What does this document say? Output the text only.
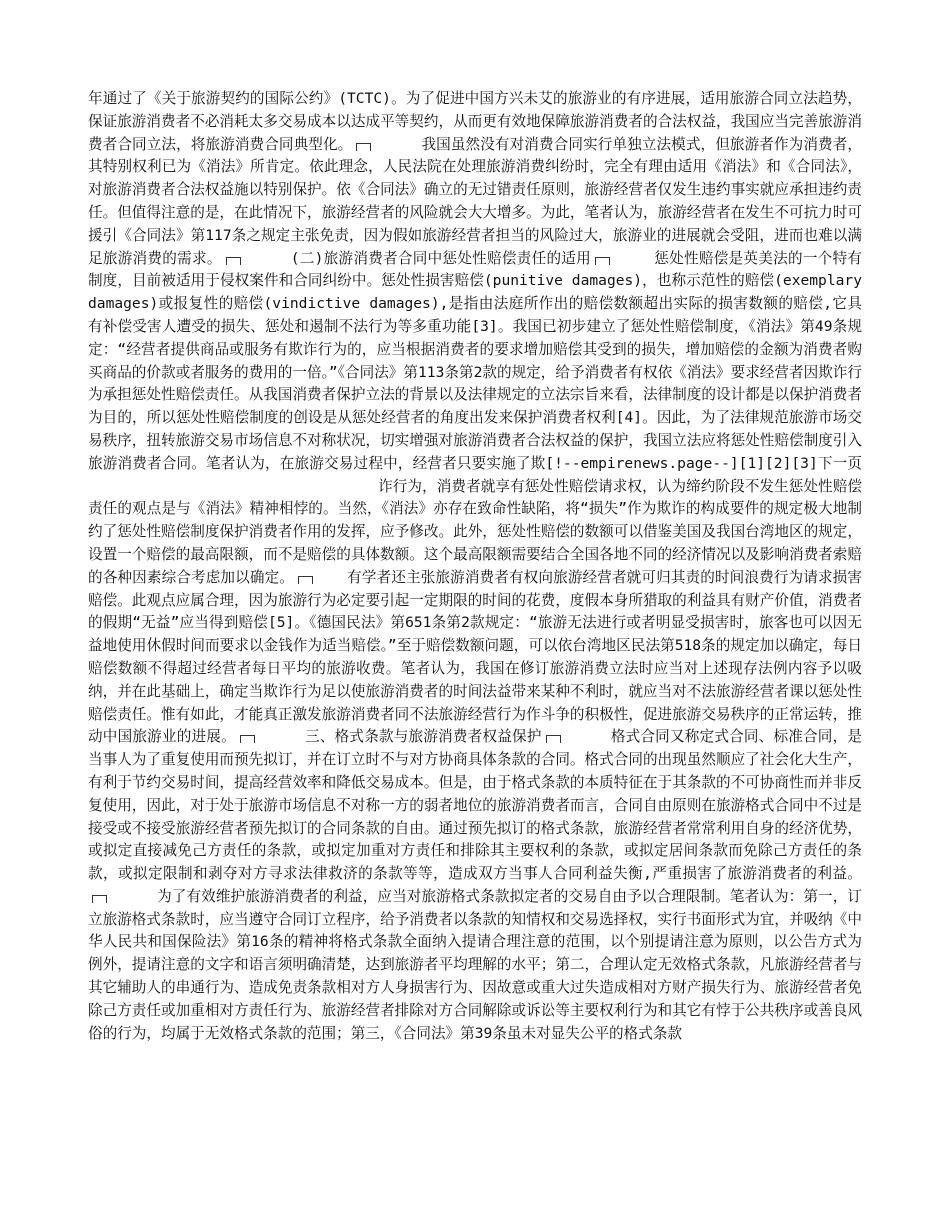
年通过了《关于旅游契约的国际公约》(TCTC)。为了促进中国方兴未艾的旅游业的有序进展，适用旅游合同立法趋势，保证旅游消费者不必消耗太多交易成本以达成平等契约，从而更有效地保障旅游消费者的合法权益，我国应当完善旅游消费者合同立法，将旅游消费合同典型化。	我国虽然没有对消费合同实行单独立法模式，但旅游者作为消费者，其特别权利已为《消法》所肯定。依此理念，人民法院在处理旅游消费纠纷时，完全有理由适用《消法》和《合同法》，对旅游消费者合法权益施以特别保护。依《合同法》确立的无过错责任原则，旅游经营者仅发生违约事实就应承担违约责任。但值得注意的是，在此情况下，旅游经营者的风险就会大大增多。为此，笔者认为，旅游经营者在发生不可抗力时可援引《合同法》第117条之规定主张免责，因为假如旅游经营者担当的风险过大，旅游业的进展就会受阻，进而也难以满足旅游消费的需求。	(二)旅游消费者合同中惩处性赔偿责任的适用	惩处性赔偿是英美法的一个特有制度，目前被适用于侵权案件和合同纠纷中。惩处性损害赔偿(punitive damages)，也称示范性的赔偿(exemplary damages)或报复性的赔偿(vindictive damages),是指由法庭所作出的赔偿数额超出实际的损害数额的赔偿,它具有补偿受害人遭受的损失、惩处和遏制不法行为等多重功能[3]。我国已初步建立了惩处性赔偿制度，《消法》第49条规定：“经营者提供商品或服务有欺诈行为的，应当根据消费者的要求增加赔偿其受到的损失，增加赔偿的金额为消费者购买商品的价款或者服务的费用的一倍。”《合同法》第113条第2款的规定，给予消费者有权依《消法》要求经营者因欺诈行为承担惩处性赔偿责任。从我国消费者保护立法的背景以及法律规定的立法宗旨来看，法律制度的设计都是以保护消费者为目的，所以惩处性赔偿制度的创设是从惩处经营者的角度出发来保护消费者权利[4]。因此，为了法律规范旅游市场交易秩序，扭转旅游交易市场信息不对称状况，切实增强对旅游消费者合法权益的保护，我国立法应将惩处性赔偿制度引入旅游消费者合同。笔者认为，在旅游交易过程中，经营者只要实施了欺[!--empirenews.page--][1][2][3]下一页诈行为，消费者就享有惩处性赔偿请求权，认为缔约阶段不发生惩处性赔偿责任的观点是与《消法》精神相悖的。当然，《消法》亦存在致命性缺陷，将“损失”作为欺诈的构成要件的规定极大地制约了惩处性赔偿制度保护消费者作用的发挥，应予修改。此外，惩处性赔偿的数额可以借鉴美国及我国台湾地区的规定，设置一个赔偿的最高限额，而不是赔偿的具体数额。这个最高限额需要结合全国各地不同的经济情况以及影响消费者索赔的各种因素综合考虑加以确定。	有学者还主张旅游消费者有权向旅游经营者就可归其责的时间浪费行为请求损害赔偿。此观点应属合理，因为旅游行为必定要引起一定期限的时间的花费，度假本身所猎取的利益具有财产价值，消费者的假期“无益”应当得到赔偿[5]。《德国民法》第651条第2款规定：“旅游无法进行或者明显受损害时，旅客也可以因无益地使用休假时间而要求以金钱作为适当赔偿。”至于赔偿数额问题，可以依台湾地区民法第518条的规定加以确定，每日赔偿数额不得超过经营者每日平均的旅游收费。笔者认为，我国在修订旅游消费立法时应当对上述现存法例内容予以吸纳，并在此基础上，确定当欺诈行为足以使旅游消费者的时间法益带来某种不利时，就应当对不法旅游经营者课以惩处性赔偿责任。惟有如此，才能真正激发旅游消费者同不法旅游经营行为作斗争的积极性，促进旅游交易秩序的正常运转，推动中国旅游业的进展。	三、格式条款与旅游消费者权益保护	格式合同又称定式合同、标准合同，是当事人为了重复使用而预先拟订，并在订立时不与对方协商具体条款的合同。格式合同的出现虽然顺应了社会化大生产，有利于节约交易时间，提高经营效率和降低交易成本。但是，由于格式条款的本质特征在于其条款的不可协商性而并非反复使用，因此，对于处于旅游市场信息不对称一方的弱者地位的旅游消费者而言，合同自由原则在旅游格式合同中不过是接受或不接受旅游经营者预先拟订的合同条款的自由。通过预先拟订的格式条款，旅游经营者常常利用自身的经济优势，或拟定直接减免己方责任的条款，或拟定加重对方责任和排除其主要权利的条款，或拟定居间条款而免除己方责任的条款，或拟定限制和剥夺对方寻求法律救济的条款等等，造成双方当事人合同利益失衡,严重损害了旅游消费者的利益。为了有效维护旅游消费者的利益，应当对旅游格式条款拟定者的交易自由予以合理限制。笔者认为：第一，订立旅游格式条款时，应当遵守合同订立程序，给予消费者以条款的知情权和交易选择权，实行书面形式为宜，并吸纳《中华人民共和国保险法》第16条的精神将格式条款全面纳入提请合理注意的范围，以个别提请注意为原则，以公告方式为例外，提请注意的文字和语言须明确清楚，达到旅游者平均理解的水平；第二，合理认定无效格式条款，凡旅游经营者与其它辅助人的串通行为、造成免责条款相对方人身损害行为、因故意或重大过失造成相对方财产损失行为、旅游经营者免除己方责任或加重相对方责任行为、旅游经营者排除对方合同解除或诉讼等主要权利行为和其它有悖于公共秩序或善良风俗的行为，均属于无效格式条款的范围；第三，《合同法》第39条虽未对显失公平的格式条款
